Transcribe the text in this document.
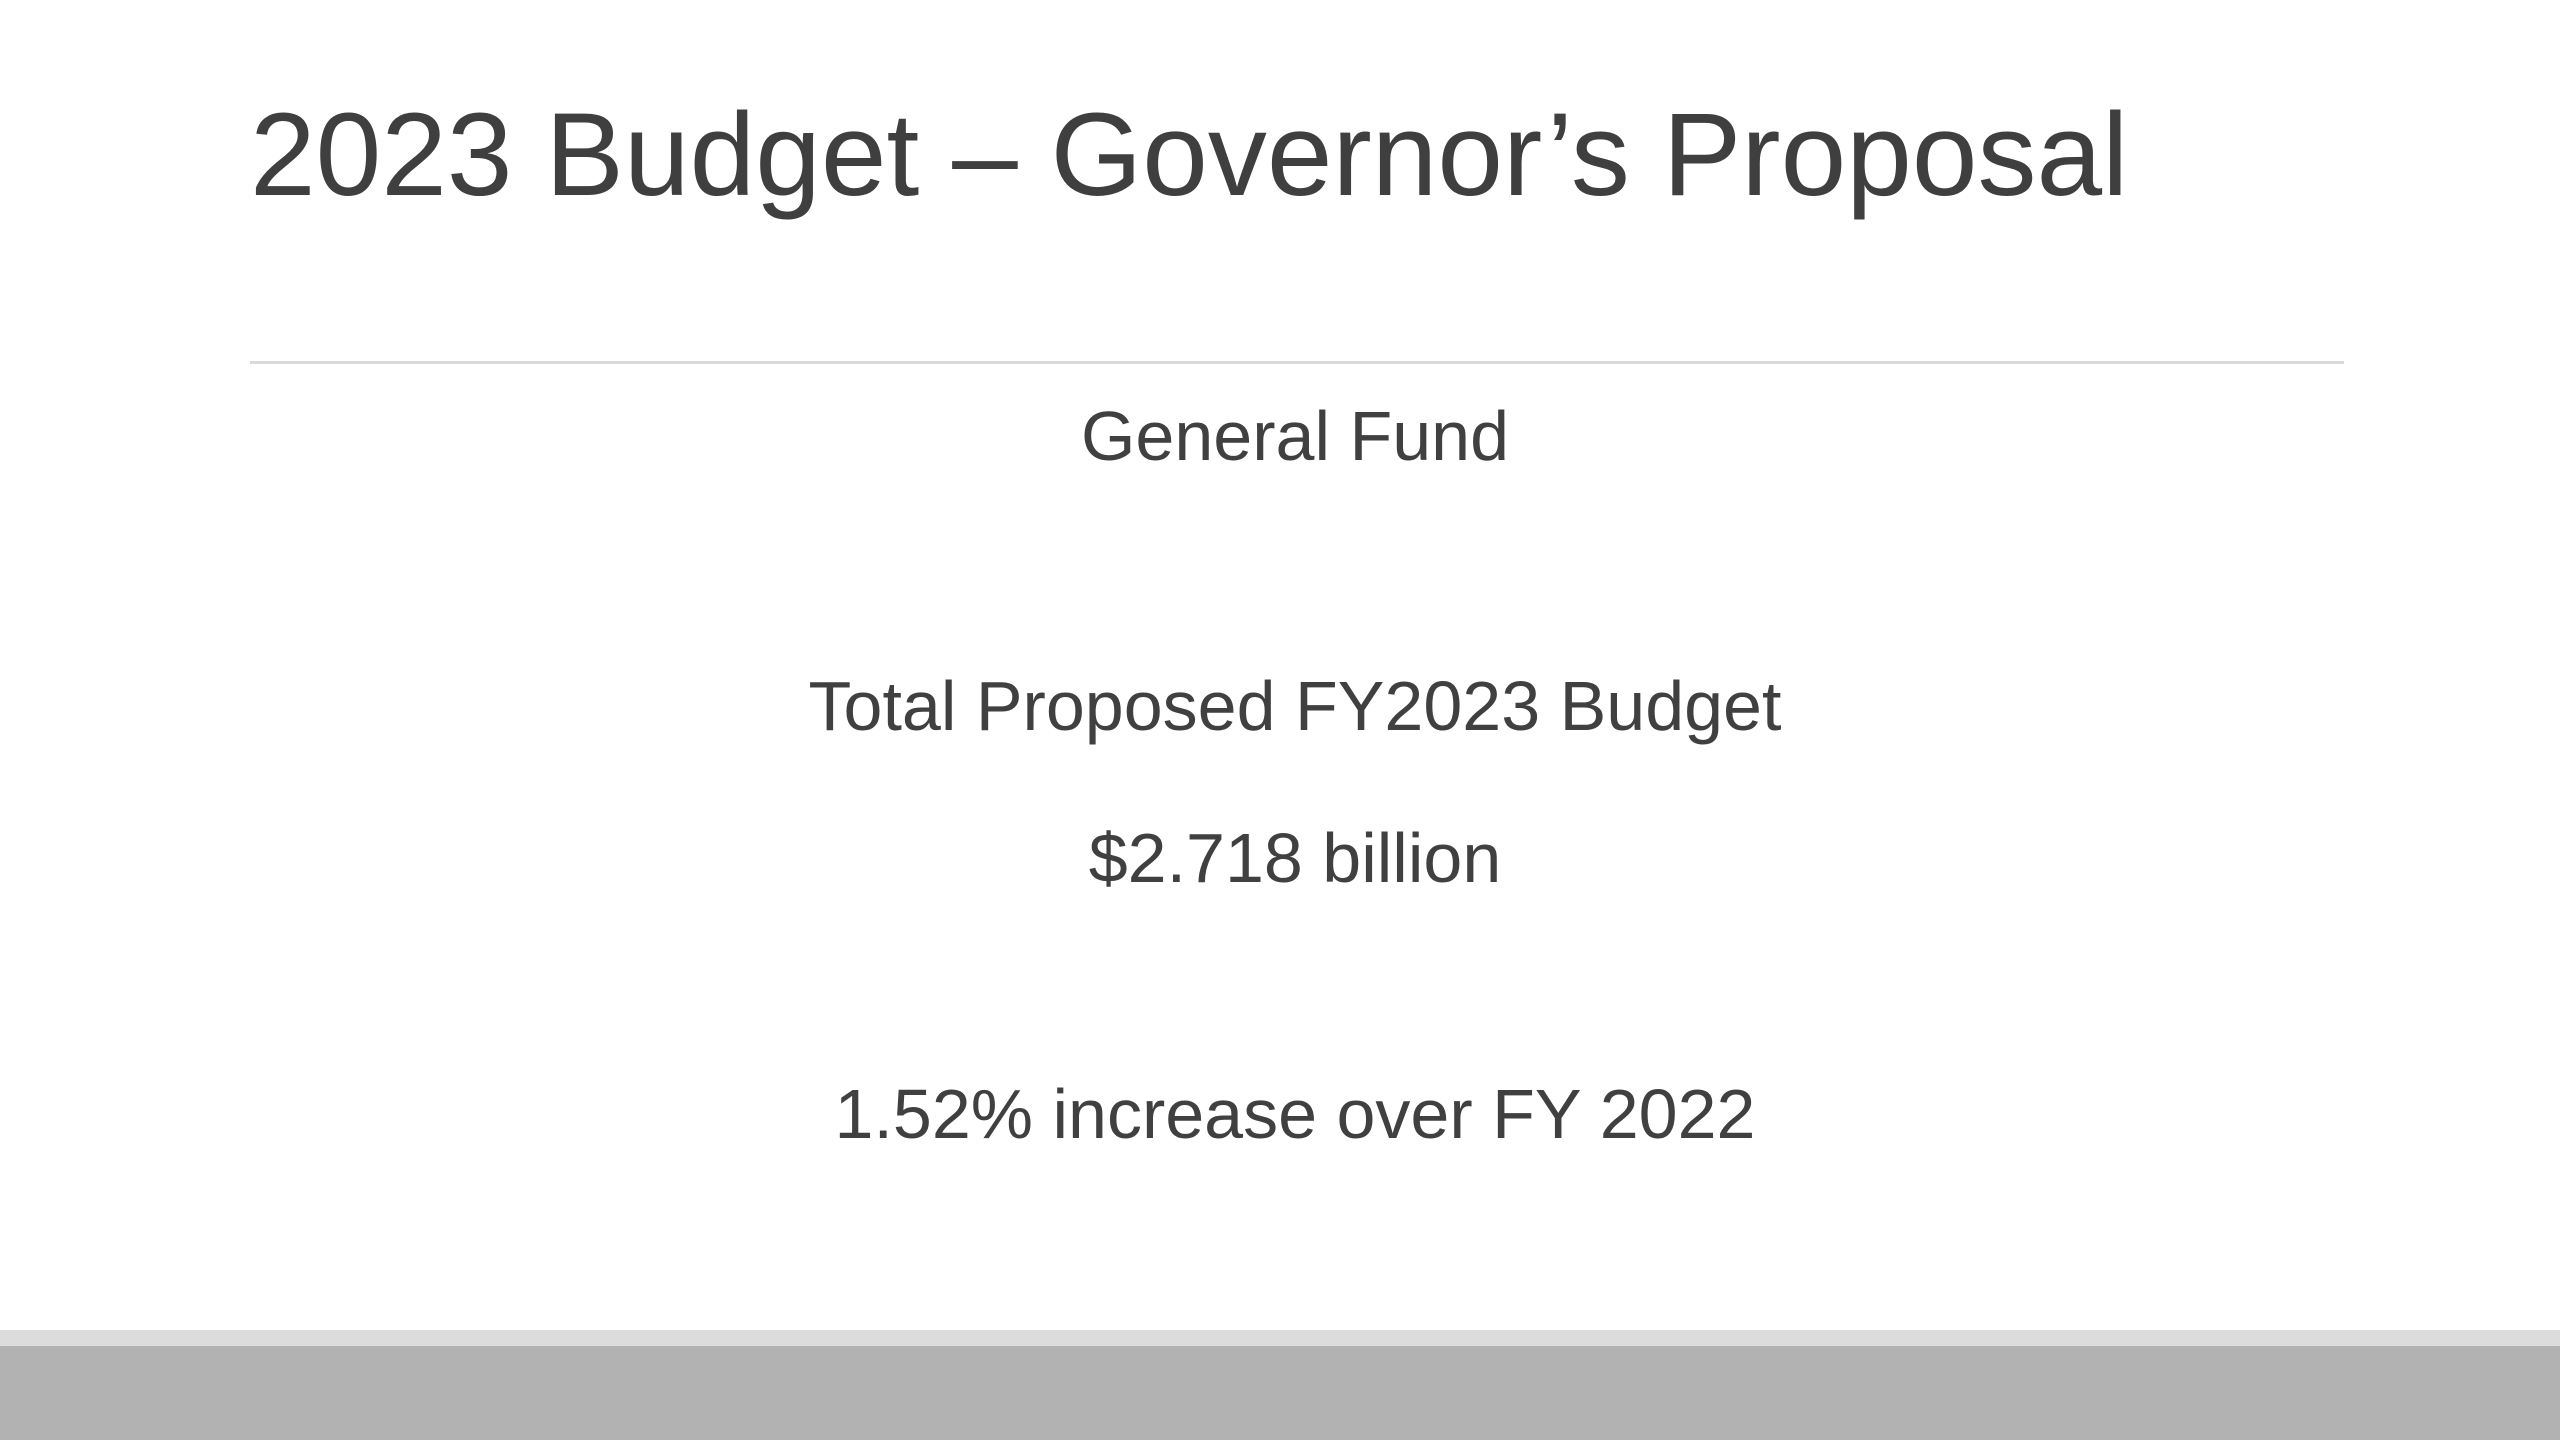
2023 Budget – Governor’s Proposal
General Fund
Total Proposed FY2023 Budget
$2.718 billion
1.52% increase over FY 2022
